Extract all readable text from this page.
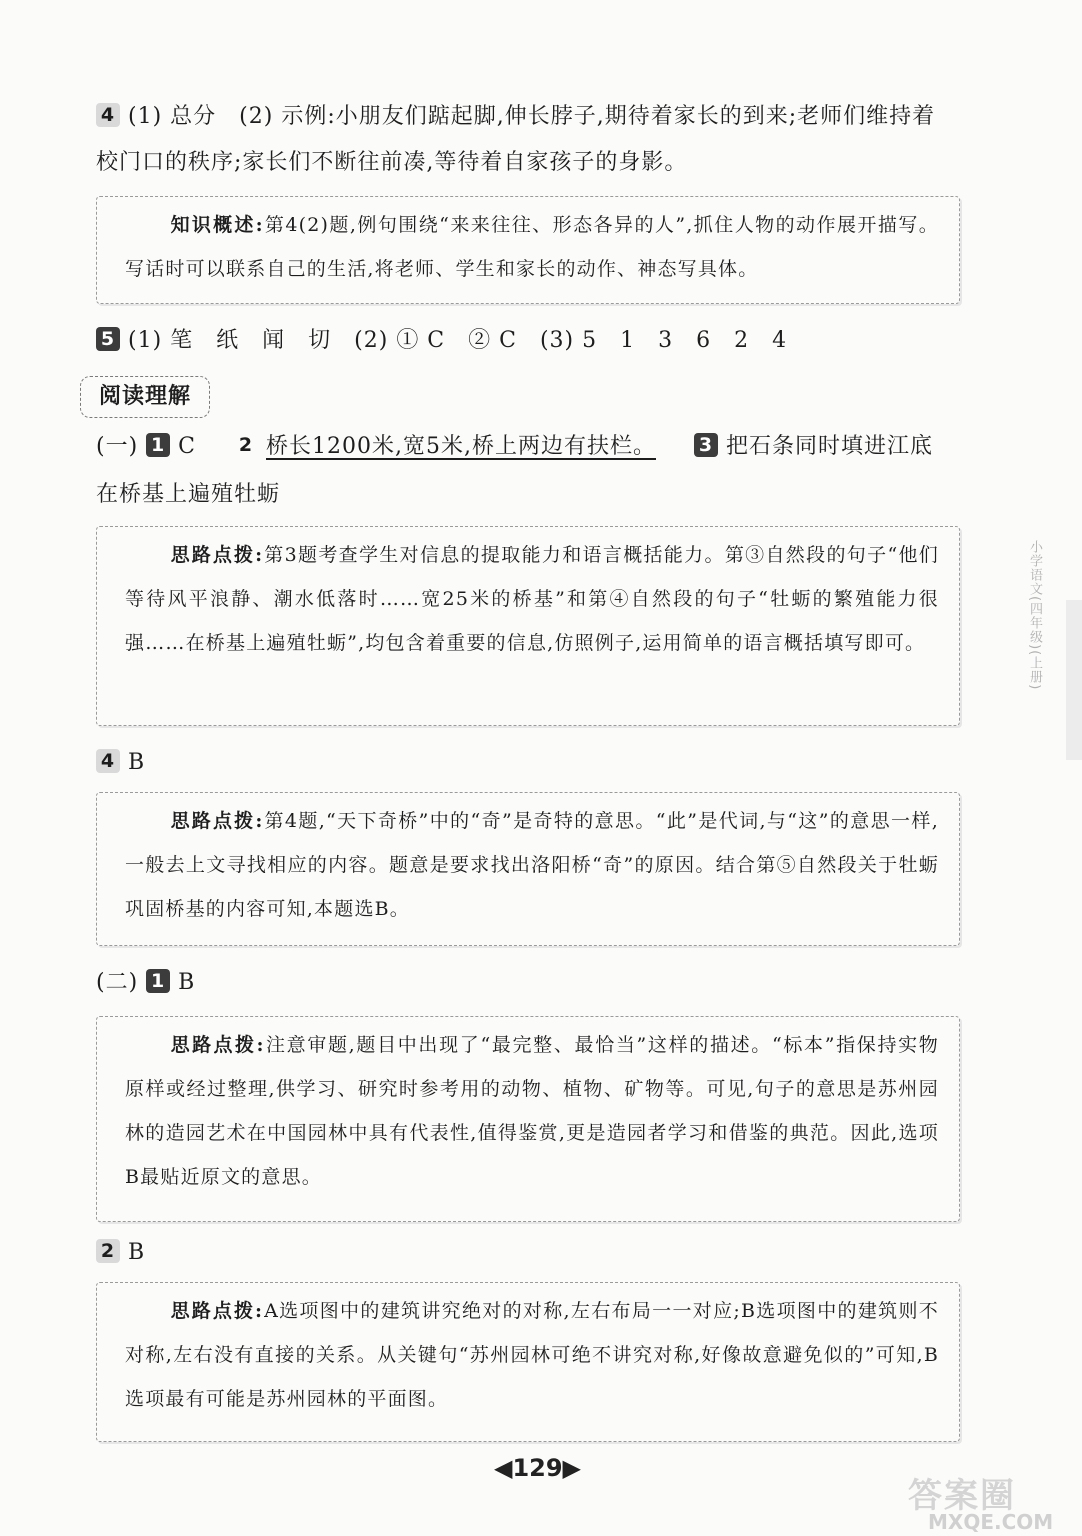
4 (1) 总分　(2) 示例:小朋友们踮起脚,伸长脖子,期待着家长的到来;老师们维持着
校门口的秩序;家长们不断往前凑,等待着自家孩子的身影。

知识概述:第4(2)题,例句围绕“来来往往、形态各异的人”,抓住人物的动作展开描写。写话时可以联系自己的生活,将老师、学生和家长的动作、神态写具体。

5 (1) 笔　纸　闻　切　(2) ① C　② C　(3) 5　1　3　6　2　4
阅读理解
(一) 1 C 2 桥长1200米,宽5米,桥上两边有扶栏。 3 把石条同时填进江底
在桥基上遍殖牡蛎

思路点拨:第3题考查学生对信息的提取能力和语言概括能力。第③自然段的句子“他们等待风平浪静、潮水低落时……宽25米的桥基”和第④自然段的句子“牡蛎的繁殖能力很强……在桥基上遍殖牡蛎”,均包含着重要的信息,仿照例子,运用简单的语言概括填写即可。

4 B

思路点拨:第4题,“天下奇桥”中的“奇”是奇特的意思。“此”是代词,与“这”的意思一样,一般去上文寻找相应的内容。题意是要求找出洛阳桥“奇”的原因。结合第⑤自然段关于牡蛎巩固桥基的内容可知,本题选B。

(二) 1 B

思路点拨:注意审题,题目中出现了“最完整、最恰当”这样的描述。“标本”指保持实物原样或经过整理,供学习、研究时参考用的动物、植物、矿物等。可见,句子的意思是苏州园林的造园艺术在中国园林中具有代表性,值得鉴赏,更是造园者学习和借鉴的典范。因此,选项B最贴近原文的意思。

2 B

思路点拨:A选项图中的建筑讲究绝对的对称,左右布局一一对应;B选项图中的建筑则不对称,左右没有直接的关系。从关键句“苏州园林可绝不讲究对称,好像故意避免似的”可知,B选项最有可能是苏州园林的平面图。

◀129▶
小学语文(四年级)(上册)
答案圈
MXQE.COM
